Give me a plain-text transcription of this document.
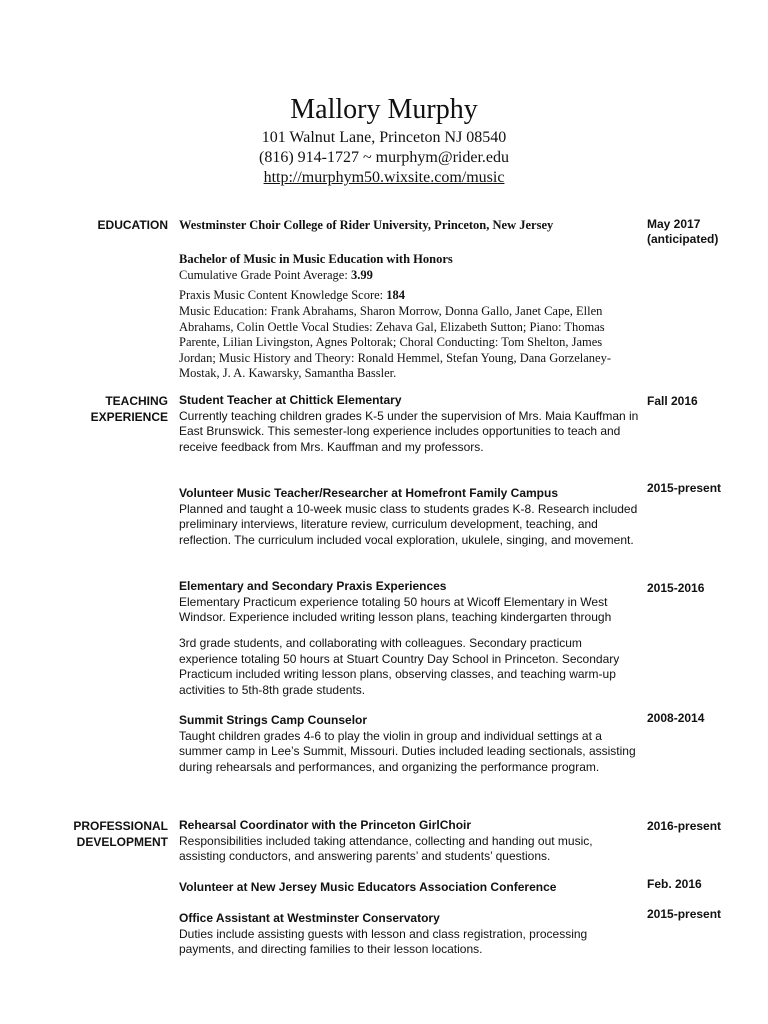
Mallory Murphy
101 Walnut Lane, Princeton NJ 08540
(816) 914-1727 ~ murphym@rider.edu
http://murphym50.wixsite.com/music
EDUCATION Westminster Choir College of Rider University, Princeton, New Jersey	May 2017
(anticipated)
Bachelor of Music in Music Education with Honors
Cumulative Grade Point Average: 3.99
Praxis Music Content Knowledge Score: 184
Music Education: Frank Abrahams, Sharon Morrow, Donna Gallo, Janet Cape, Ellen Abrahams, Colin Oettle Vocal Studies: Zehava Gal, Elizabeth Sutton; Piano: Thomas Parente, Lilian Livingston, Agnes Poltorak; Choral Conducting: Tom Shelton, James Jordan; Music History and Theory: Ronald Hemmel, Stefan Young, Dana Gorzelaney-Mostak, J. A. Kawarsky, Samantha Bassler.
TEACHING
EXPERIENCE
Student Teacher at Chittick Elementary
Currently teaching children grades K-5 under the supervision of Mrs. Maia Kauffman in East Brunswick. This semester-long experience includes opportunities to teach and receive feedback from Mrs. Kauffman and my professors.
Fall 2016
Volunteer Music Teacher/Researcher at Homefront Family Campus
Planned and taught a 10-week music class to students grades K-8. Research included preliminary interviews, literature review, curriculum development, teaching, and reflection. The curriculum included vocal exploration, ukulele, singing, and movement.
2015-present
Elementary and Secondary Praxis Experiences
Elementary Practicum experience totaling 50 hours at Wicoff Elementary in West Windsor. Experience included writing lesson plans, teaching kindergarten through
3rd grade students, and collaborating with colleagues. Secondary practicum experience totaling 50 hours at Stuart Country Day School in Princeton. Secondary Practicum included writing lesson plans, observing classes, and teaching warm-up activities to 5th-8th grade students.
2015-2016
Summit Strings Camp Counselor
Taught children grades 4-6 to play the violin in group and individual settings at a summer camp in Lee’s Summit, Missouri. Duties included leading sectionals, assisting during rehearsals and performances, and organizing the performance program.
2008-2014
PROFESSIONAL
DEVELOPMENT
Rehearsal Coordinator with the Princeton GirlChoir
Responsibilities included taking attendance, collecting and handing out music, assisting conductors, and answering parents’ and students’ questions.
2016-present
Volunteer at New Jersey Music Educators Association Conference	Feb. 2016
Office Assistant at Westminster Conservatory
Duties include assisting guests with lesson and class registration, processing payments, and directing families to their lesson locations.
2015-present
